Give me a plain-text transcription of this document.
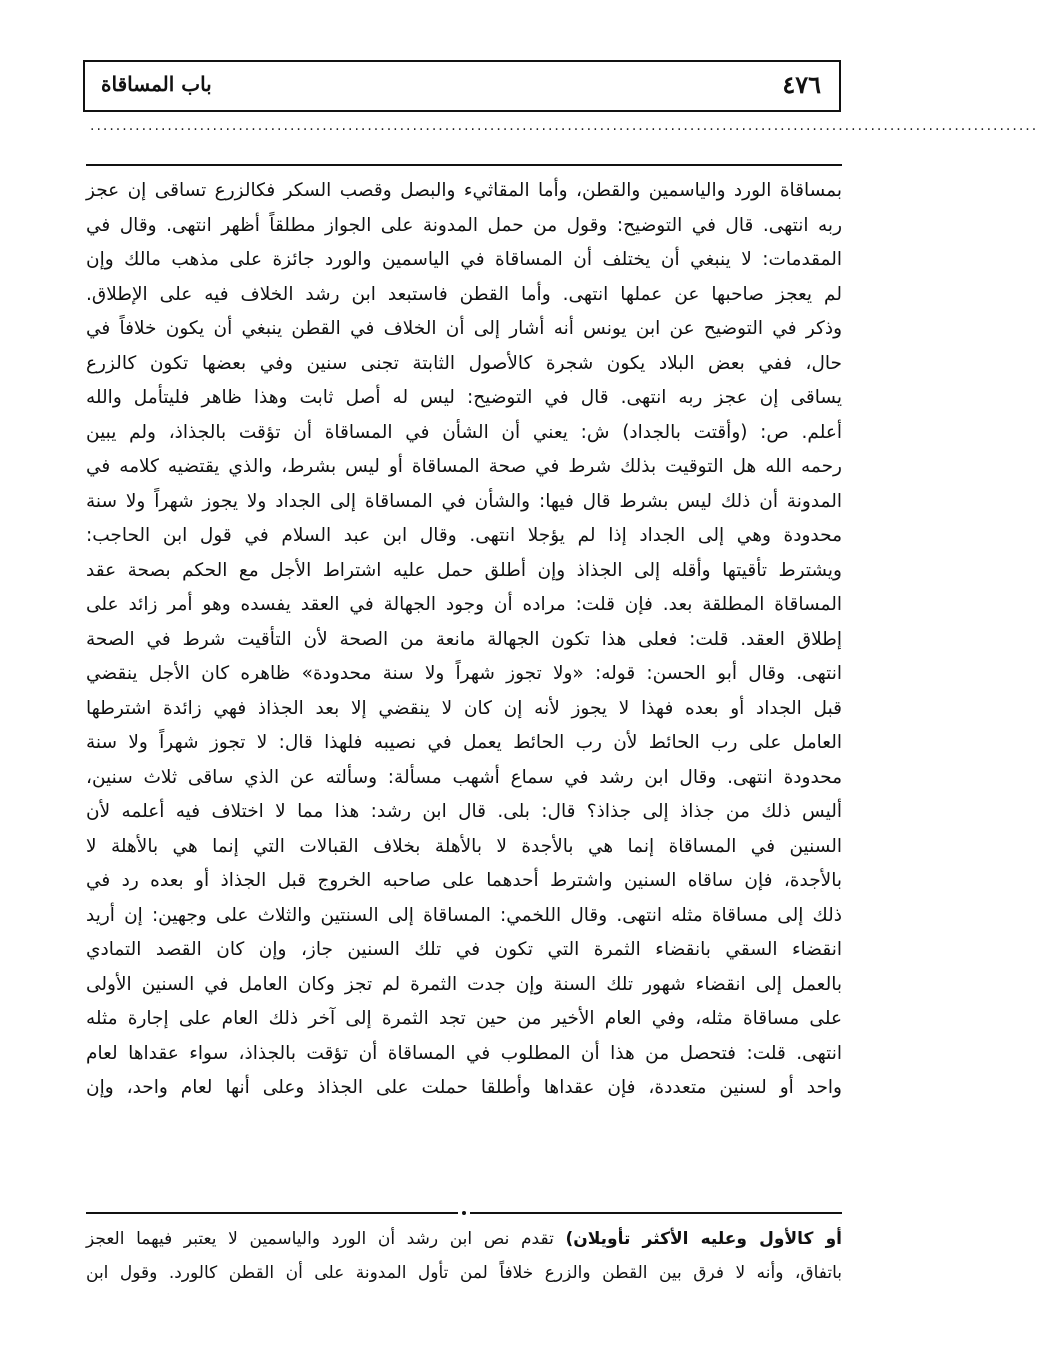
٤٧٦
باب المساقاة
...................................................................................................................................................
بمساقاة الورد والياسمين والقطن، وأما المقاثيء والبصل وقصب السكر فكالزرع تساقى إن عجز
ربه انتهى. قال في التوضيح: وقول من حمل المدونة على الجواز مطلقاً أظهر انتهى. وقال في
المقدمات: لا ينبغي أن يختلف أن المساقاة في الياسمين والورد جائزة على مذهب مالك وإن
لم يعجز صاحبها عن عملها انتهى. وأما القطن فاستبعد ابن رشد الخلاف فيه على الإطلاق.
وذكر في التوضيح عن ابن يونس أنه أشار إلى أن الخلاف في القطن ينبغي أن يكون خلافاً في
حال، ففي بعض البلاد يكون شجرة كالأصول الثابتة تجنى سنين وفي بعضها تكون كالزرع
يساقى إن عجز ربه انتهى. قال في التوضيح: ليس له أصل ثابت وهذا ظاهر فليتأمل والله
أعلم. ص: (وأقتت بالجداد) ش: يعني أن الشأن في المساقاة أن تؤقت بالجذاذ، ولم يبين
رحمه الله هل التوقيت بذلك شرط في صحة المساقاة أو ليس بشرط، والذي يقتضيه كلامه في
المدونة أن ذلك ليس بشرط قال فيها: والشأن في المساقاة إلى الجداد ولا يجوز شهراً ولا سنة
محدودة وهي إلى الجداد إذا لم يؤجلا انتهى. وقال ابن عبد السلام في قول ابن الحاجب:
ويشترط تأقيتها وأقله إلى الجذاذ وإن أطلق حمل عليه اشتراط الأجل مع الحكم بصحة عقد
المساقاة المطلقة بعد. فإن قلت: مراده أن وجود الجهالة في العقد يفسده وهو أمر زائد على
إطلاق العقد. قلت: فعلى هذا تكون الجهالة مانعة من الصحة لأن التأقيت شرط في الصحة
انتهى. وقال أبو الحسن: قوله: «ولا تجوز شهراً ولا سنة محدودة» ظاهره كان الأجل ينقضي
قبل الجداد أو بعده فهذا لا يجوز لأنه إن كان لا ينقضي إلا بعد الجذاذ فهي زائدة اشترطها
العامل على رب الحائط لأن رب الحائط يعمل في نصيبه فلهذا قال: لا تجوز شهراً ولا سنة
محدودة انتهى. وقال ابن رشد في سماع أشهب مسألة: وسألته عن الذي ساقى ثلاث سنين،
أليس ذلك من جذاذ إلى جذاذ؟ قال: بلى. قال ابن رشد: هذا مما لا اختلاف فيه أعلمه لأن
السنين في المساقاة إنما هي بالأجدة لا بالأهلة بخلاف القبالات التي إنما هي بالأهلة لا
بالأجدة، فإن ساقاه السنين واشترط أحدهما على صاحبه الخروج قبل الجذاذ أو بعده رد في
ذلك إلى مساقاة مثله انتهى. وقال اللخمي: المساقاة إلى السنتين والثلاث على وجهين: إن أريد
انقضاء السقي بانقضاء الثمرة التي تكون في تلك السنين جاز، وإن كان القصد التمادي
بالعمل إلى انقضاء شهور تلك السنة وإن جدت الثمرة لم تجز وكان العامل في السنين الأولى
على مساقاة مثله، وفي العام الأخير من حين تجد الثمرة إلى آخر ذلك العام على إجارة مثله
انتهى. قلت: فتحصل من هذا أن المطلوب في المساقاة أن تؤقت بالجذاذ، سواء عقداها لعام
واحد أو لسنين متعددة، فإن عقداها وأطلقا حملت على الجذاذ وعلى أنها لعام واحد، وإن
أو كالأول وعليه الأكثر تأويلان) تقدم نص ابن رشد أن الورد والياسمين لا يعتبر فيهما العجز
باتفاق، وأنه لا فرق بين القطن والزرع خلافاً لمن تأول المدونة على أن القطن كالورد. وقول ابن
